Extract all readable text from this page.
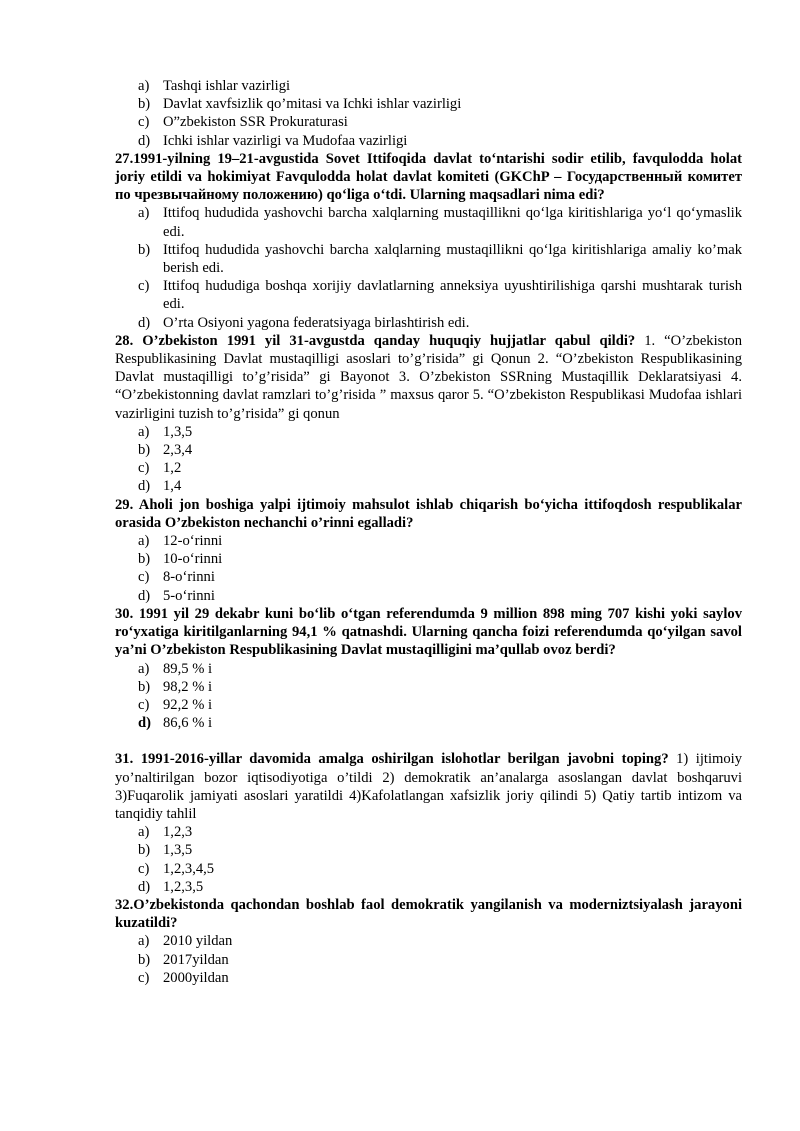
a) Tashqi ishlar vazirligi
b) Davlat xavfsizlik qo’mitasi va Ichki ishlar vazirligi
c) O”zbekiston SSR Prokuraturasi
d) Ichki ishlar vazirligi va Mudofaa vazirligi

27.1991-yilning 19–21-avgustida Sovet Ittifoqida davlat to‘ntarishi sodir etilib, favqulodda holat joriy etildi va hokimiyat Favqulodda holat davlat komiteti (GKChP – Государственный комитет по чрезвычайному положению) qo‘liga o‘tdi. Ularning maqsadlari nima edi?

a) Ittifoq hududida yashovchi barcha xalqlarning mustaqillikni qo‘lga kiritishlariga yo‘l qo‘ymaslik edi.
b) Ittifoq hududida yashovchi barcha xalqlarning mustaqillikni qo‘lga kiritishlariga amaliy ko’mak berish edi.
c) Ittifoq hududiga boshqa xorijiy davlatlarning anneksiya uyushtirilishiga qarshi mushtarak turish edi.
d) O’rta Osiyoni yagona federatsiyaga birlashtirish edi.

28. O’zbekiston 1991 yil 31-avgustda qanday huquqiy hujjatlar qabul qildi? 1. “O’zbekiston Respublikasining Davlat mustaqilligi asoslari to’g’risida” gi Qonun 2. “O’zbekiston Respublikasining Davlat mustaqilligi to’g’risida” gi Bayonot 3. O’zbekiston SSRning Mustaqillik Deklaratsiyasi 4. “O’zbekistonning davlat ramzlari to’g’risida ” maxsus qaror 5. “O’zbekiston Respublikasi Mudofaa ishlari vazirligini tuzish to’g’risida” gi qonun

a) 1,3,5
b) 2,3,4
c) 1,2
d) 1,4

29. Aholi jon boshiga yalpi ijtimoiy mahsulot ishlab chiqarish bo‘yicha ittifoqdosh respublikalar orasida O’zbekiston nechanchi o’rinni egalladi?

a) 12-o‘rinni
b) 10-o‘rinni
c) 8-o‘rinni
d) 5-o‘rinni

30. 1991 yil 29 dekabr kuni bo‘lib o‘tgan referendumda 9 million 898 ming 707 kishi yoki saylov ro‘yxatiga kiritilganlarning 94,1 % qatnashdi. Ularning qancha foizi referendumda qo‘yilgan savol ya’ni O’zbekiston Respublikasining Davlat mustaqilligini ma’qullab ovoz berdi?

a) 89,5 % i
b) 98,2 % i
c) 92,2 % i
d) 86,6 % i

31. 1991-2016-yillar davomida amalga oshirilgan islohotlar berilgan javobni toping? 1) ijtimoiy yo’naltirilgan bozor iqtisodiyotiga o’tildi 2) demokratik an’analarga asoslangan davlat boshqaruvi 3)Fuqarolik jamiyati asoslari yaratildi 4)Kafolatlangan xafsizlik joriy qilindi 5) Qatiy tartib intizom va tanqidiy tahlil

a) 1,2,3
b) 1,3,5
c) 1,2,3,4,5
d) 1,2,3,5

32.O’zbekistonda qachondan boshlab faol demokratik yangilanish va moderniztsiyalash jarayoni kuzatildi?

a) 2010 yildan
b) 2017yildan
c) 2000yildan
